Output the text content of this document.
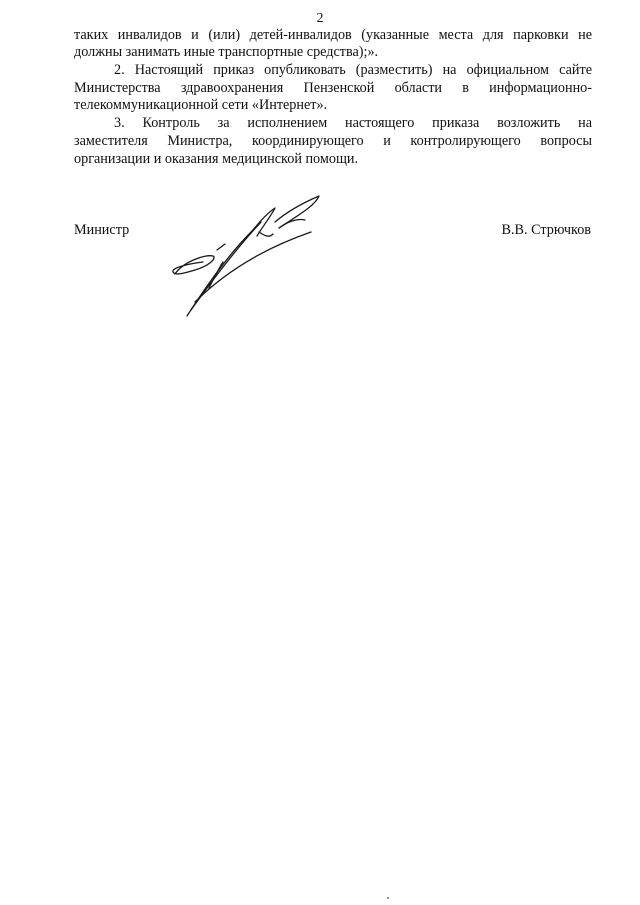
2
таких инвалидов и (или) детей-инвалидов (указанные места для парковки не
должны занимать иные транспортные средства);».
2. Настоящий приказ опубликовать (разместить) на официальном сайте
Министерства здравоохранения Пензенской области в информационно-
телекоммуникационной сети «Интернет».
3. Контроль за исполнением настоящего приказа возложить на
заместителя Министра, координирующего и контролирующего вопросы
организации и оказания медицинской помощи.
Министр	В.В. Стрючков
